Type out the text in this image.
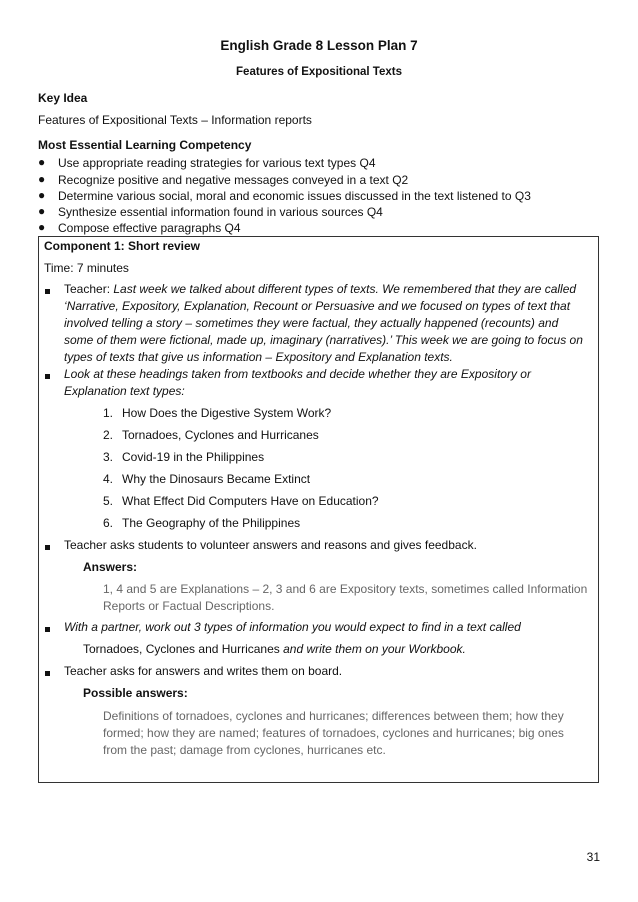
English Grade 8 Lesson Plan 7
Features of Expositional Texts
Key Idea
Features of Expositional Texts – Information reports
Most Essential Learning Competency
● Use appropriate reading strategies for various text types Q4
● Recognize positive and negative messages conveyed in a text Q2
● Determine various social, moral and economic issues discussed in the text listened to Q3
● Synthesize essential information found in various sources Q4
● Compose effective paragraphs Q4
Component 1: Short review
Time: 7 minutes
Teacher: Last week we talked about different types of texts. We remembered that they are called
‘Narrative, Expository, Explanation, Recount or Persuasive and we focused on types of text that
involved telling a story – sometimes they were factual, they actually happened (recounts) and
some of them were fictional, made up, imaginary (narratives).’ This week we are going to focus on
types of texts that give us information – Expository and Explanation texts.
Look at these headings taken from textbooks and decide whether they are Expository or
Explanation text types:
1. How Does the Digestive System Work?
2. Tornadoes, Cyclones and Hurricanes
3. Covid-19 in the Philippines
4. Why the Dinosaurs Became Extinct
5. What Effect Did Computers Have on Education?
6. The Geography of the Philippines
Teacher asks students to volunteer answers and reasons and gives feedback.
Answers:
1, 4 and 5 are Explanations – 2, 3 and 6 are Expository texts, sometimes called Information
Reports or Factual Descriptions.
With a partner, work out 3 types of information you would expect to find in a text called
Tornadoes, Cyclones and Hurricanes and write them on your Workbook.
Teacher asks for answers and writes them on board.
Possible answers:
Definitions of tornadoes, cyclones and hurricanes; differences between them; how they
formed; how they are named; features of tornadoes, cyclones and hurricanes; big ones
from the past; damage from cyclones, hurricanes etc.
31
